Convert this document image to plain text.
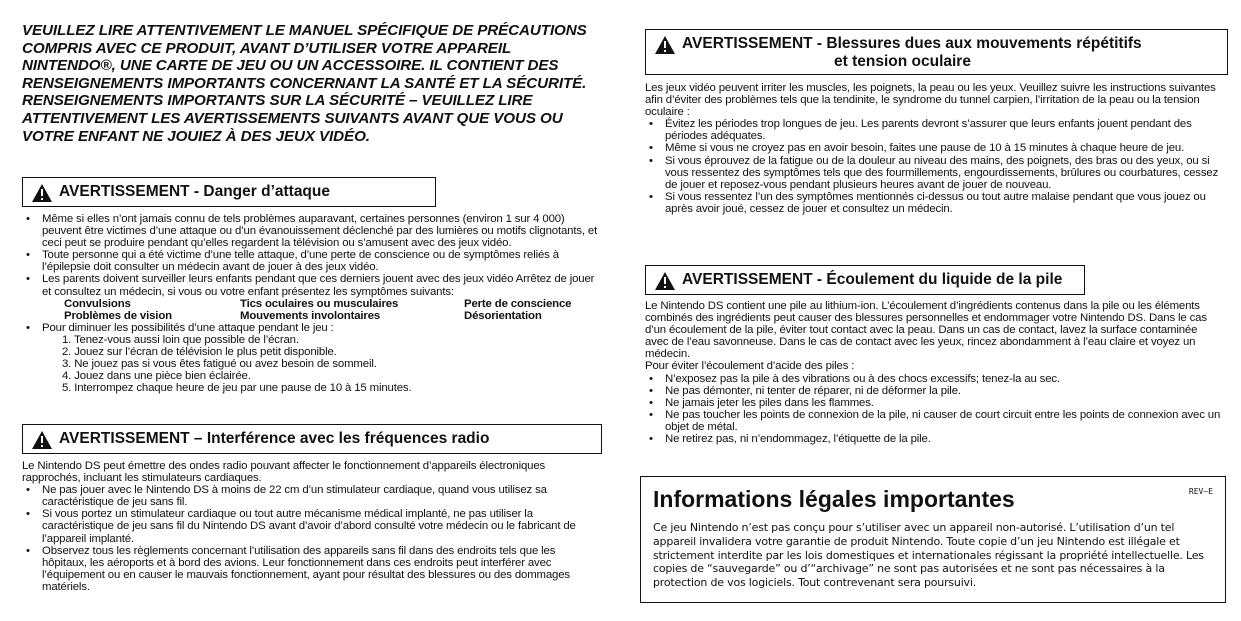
VEUILLEZ LIRE ATTENTIVEMENT LE MANUEL SPÉCIFIQUE DE PRÉCAUTIONS COMPRIS AVEC CE PRODUIT, AVANT D’UTILISER VOTRE APPAREIL NINTENDO®, UNE CARTE DE JEU OU UN ACCESSOIRE. IL CONTIENT DES RENSEIGNEMENTS IMPORTANTS CONCERNANT LA SANTÉ ET LA SÉCURITÉ.

RENSEIGNEMENTS IMPORTANTS SUR LA SÉCURITÉ – VEUILLEZ LIRE ATTENTIVEMENT LES AVERTISSEMENTS SUIVANTS AVANT QUE VOUS OU VOTRE ENFANT NE JOUIEZ À DES JEUX VIDÉO.

AVERTISSEMENT - Danger d’attaque
• Même si elles n’ont jamais connu de tels problèmes auparavant, certaines personnes (environ 1 sur 4 000) peuvent être victimes d’une attaque ou d’un évanouissement déclenché par des lumières ou motifs clignotants, et ceci peut se produire pendant qu’elles regardent la télévision ou s’amusent avec des jeux vidéo.
• Toute personne qui a été victime d’une telle attaque, d’une perte de conscience ou de symptômes reliés à l’épilepsie doit consulter un médecin avant de jouer à des jeux vidéo.
• Les parents doivent surveiller leurs enfants pendant que ces derniers jouent avec des jeux vidéo Arrêtez de jouer et consultez un médecin, si vous ou votre enfant présentez les symptômes suivants:
Convulsions	Tics oculaires ou musculaires	Perte de conscience
Problèmes de vision	Mouvements involontaires	Désorientation
• Pour diminuer les possibilités d’une attaque pendant le jeu :
1. Tenez-vous aussi loin que possible de l’écran.
2. Jouez sur l’écran de télévision le plus petit disponible.
3. Ne jouez pas si vous êtes fatigué ou avez besoin de sommeil.
4. Jouez dans une pièce bien éclairée.
5. Interrompez chaque heure de jeu par une pause de 10 à 15 minutes.
AVERTISSEMENT – Interférence avec les fréquences radio

Le Nintendo DS peut émettre des ondes radio pouvant affecter le fonctionnement d’appareils électroniques rapprochés, incluant les stimulateurs cardiaques.

• Ne pas jouer avec le Nintendo DS à moins de 22 cm d’un stimulateur cardiaque, quand vous utilisez sa caractéristique de jeu sans fil.
• Si vous portez un stimulateur cardiaque ou tout autre mécanisme médical implanté, ne pas utiliser la caractéristique de jeu sans fil du Nintendo DS avant d’avoir d’abord consulté votre médecin ou le fabricant de l’appareil implanté.
• Observez tous les règlements concernant l’utilisation des appareils sans fil dans des endroits tels que les hôpitaux, les aéroports et à bord des avions. Leur fonctionnement dans ces endroits peut interférer avec l’équipement ou en causer le mauvais fonctionnement, ayant pour résultat des blessures ou des dommages matériels.
AVERTISSEMENT - Blessures dues aux mouvements répétitifs
et tension oculaire

Les jeux vidéo peuvent irriter les muscles, les poignets, la peau ou les yeux. Veuillez suivre les instructions suivantes afin d’éviter des problèmes tels que la tendinite, le syndrome du tunnel carpien, l’irritation de la peau ou la tension oculaire :

• Évitez les périodes trop longues de jeu. Les parents devront s’assurer que leurs enfants jouent pendant des périodes adéquates.
• Même si vous ne croyez pas en avoir besoin, faites une pause de 10 à 15 minutes à chaque heure de jeu.
• Si vous éprouvez de la fatigue ou de la douleur au niveau des mains, des poignets, des bras ou des yeux, ou si vous ressentez des symptômes tels que des fourmillements, engourdissements, brûlures ou courbatures, cessez de jouer et reposez-vous pendant plusieurs heures avant de jouer de nouveau.
• Si vous ressentez l’un des symptômes mentionnés ci-dessus ou tout autre malaise pendant que vous jouez ou après avoir joué, cessez de jouer et consultez un médecin.
AVERTISSEMENT - Écoulement du liquide de la pile

Le Nintendo DS contient une pile au lithium-ion. L’écoulement d’ingrédients contenus dans la pile ou les éléments combinés des ingrédients peut causer des blessures personnelles et endommager votre Nintendo DS. Dans le cas d’un écoulement de la pile, éviter tout contact avec la peau. Dans un cas de contact, lavez la surface contaminée avec de l’eau savonneuse. Dans le cas de contact avec les yeux, rincez abondamment à l’eau claire et voyez un médecin.

Pour éviter l’écoulement d’acide des piles :

• N’exposez pas la pile à des vibrations ou à des chocs excessifs; tenez-la au sec.
• Ne pas démonter, ni tenter de réparer, ni de déformer la pile.
• Ne jamais jeter les piles dans les flammes.
• Ne pas toucher les points de connexion de la pile, ni causer de court circuit entre les points de connexion avec un objet de métal.
• Ne retirez pas, ni n’endommagez, l’étiquette de la pile.
Informations légales importantes	REV–E

Ce jeu Nintendo n’est pas conçu pour s’utiliser avec un appareil non-autorisé. L’utilisation d’un tel appareil invalidera votre garantie de produit Nintendo. Toute copie d’un jeu Nintendo est illégale et strictement interdite par les lois domestiques et internationales régissant la propriété intellectuelle. Les copies de “sauvegarde” ou d’“archivage” ne sont pas autorisées et ne sont pas nécessaires à la protection de vos logiciels. Tout contrevenant sera poursuivi.
